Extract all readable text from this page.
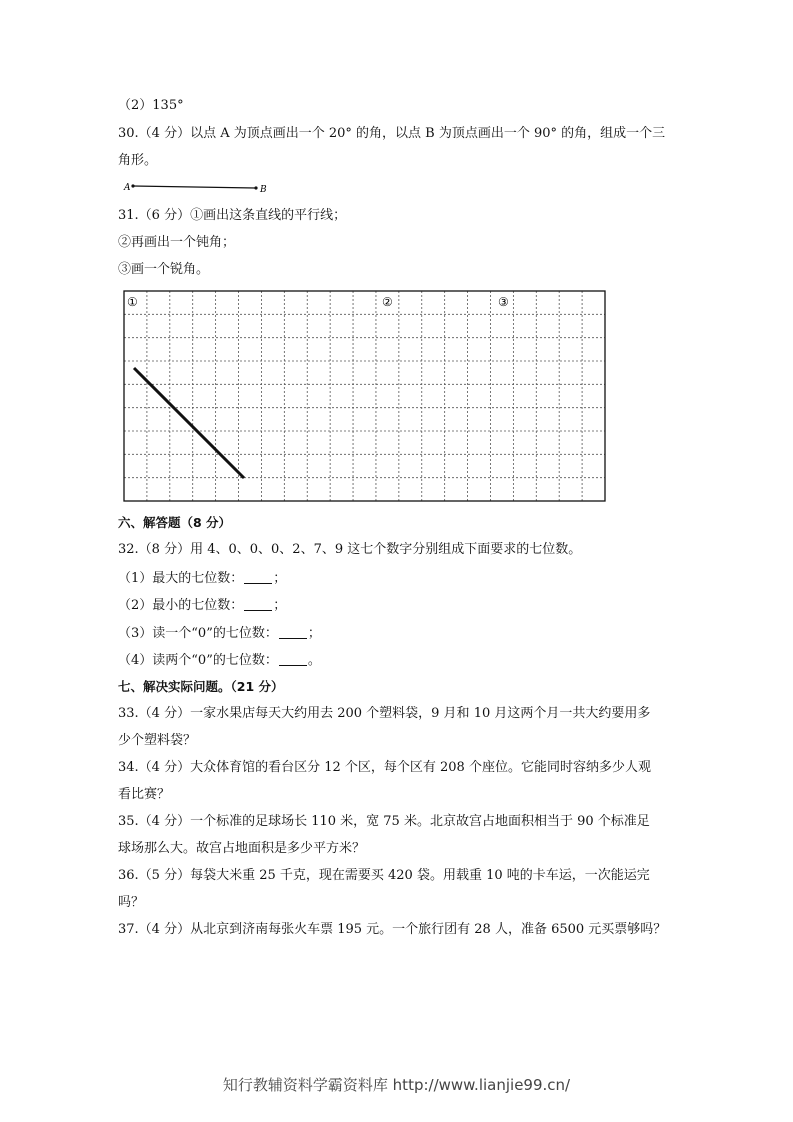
（2）135°
30.（4 分）以点 A 为顶点画出一个 20° 的角，以点 B 为顶点画出一个 90° 的角，组成一个三
角形。
A	B
31.（6 分）①画出这条直线的平行线；
②再画出一个钝角；
③画一个锐角。
①	②	③
六、解答题（8 分）
32.（8 分）用 4、0、0、0、2、7、9 这七个数字分别组成下面要求的七位数。
（1）最大的七位数： ；
（2）最小的七位数： ；
（3）读一个“0”的七位数： ；
（4）读两个“0”的七位数： 。
七、解决实际问题。（21 分）
33.（4 分）一家水果店每天大约用去 200 个塑料袋，9 月和 10 月这两个月一共大约要用多
少个塑料袋？
34.（4 分）大众体育馆的看台区分 12 个区，每个区有 208 个座位。它能同时容纳多少人观
看比赛？
35.（4 分）一个标准的足球场长 110 米，宽 75 米。北京故宫占地面积相当于 90 个标准足
球场那么大。故宫占地面积是多少平方米？
36.（5 分）每袋大米重 25 千克，现在需要买 420 袋。用载重 10 吨的卡车运，一次能运完
吗？
37.（4 分）从北京到济南每张火车票 195 元。一个旅行团有 28 人，准备 6500 元买票够吗？
知行教辅资料学霸资料库 http://www.lianjie99.cn/
